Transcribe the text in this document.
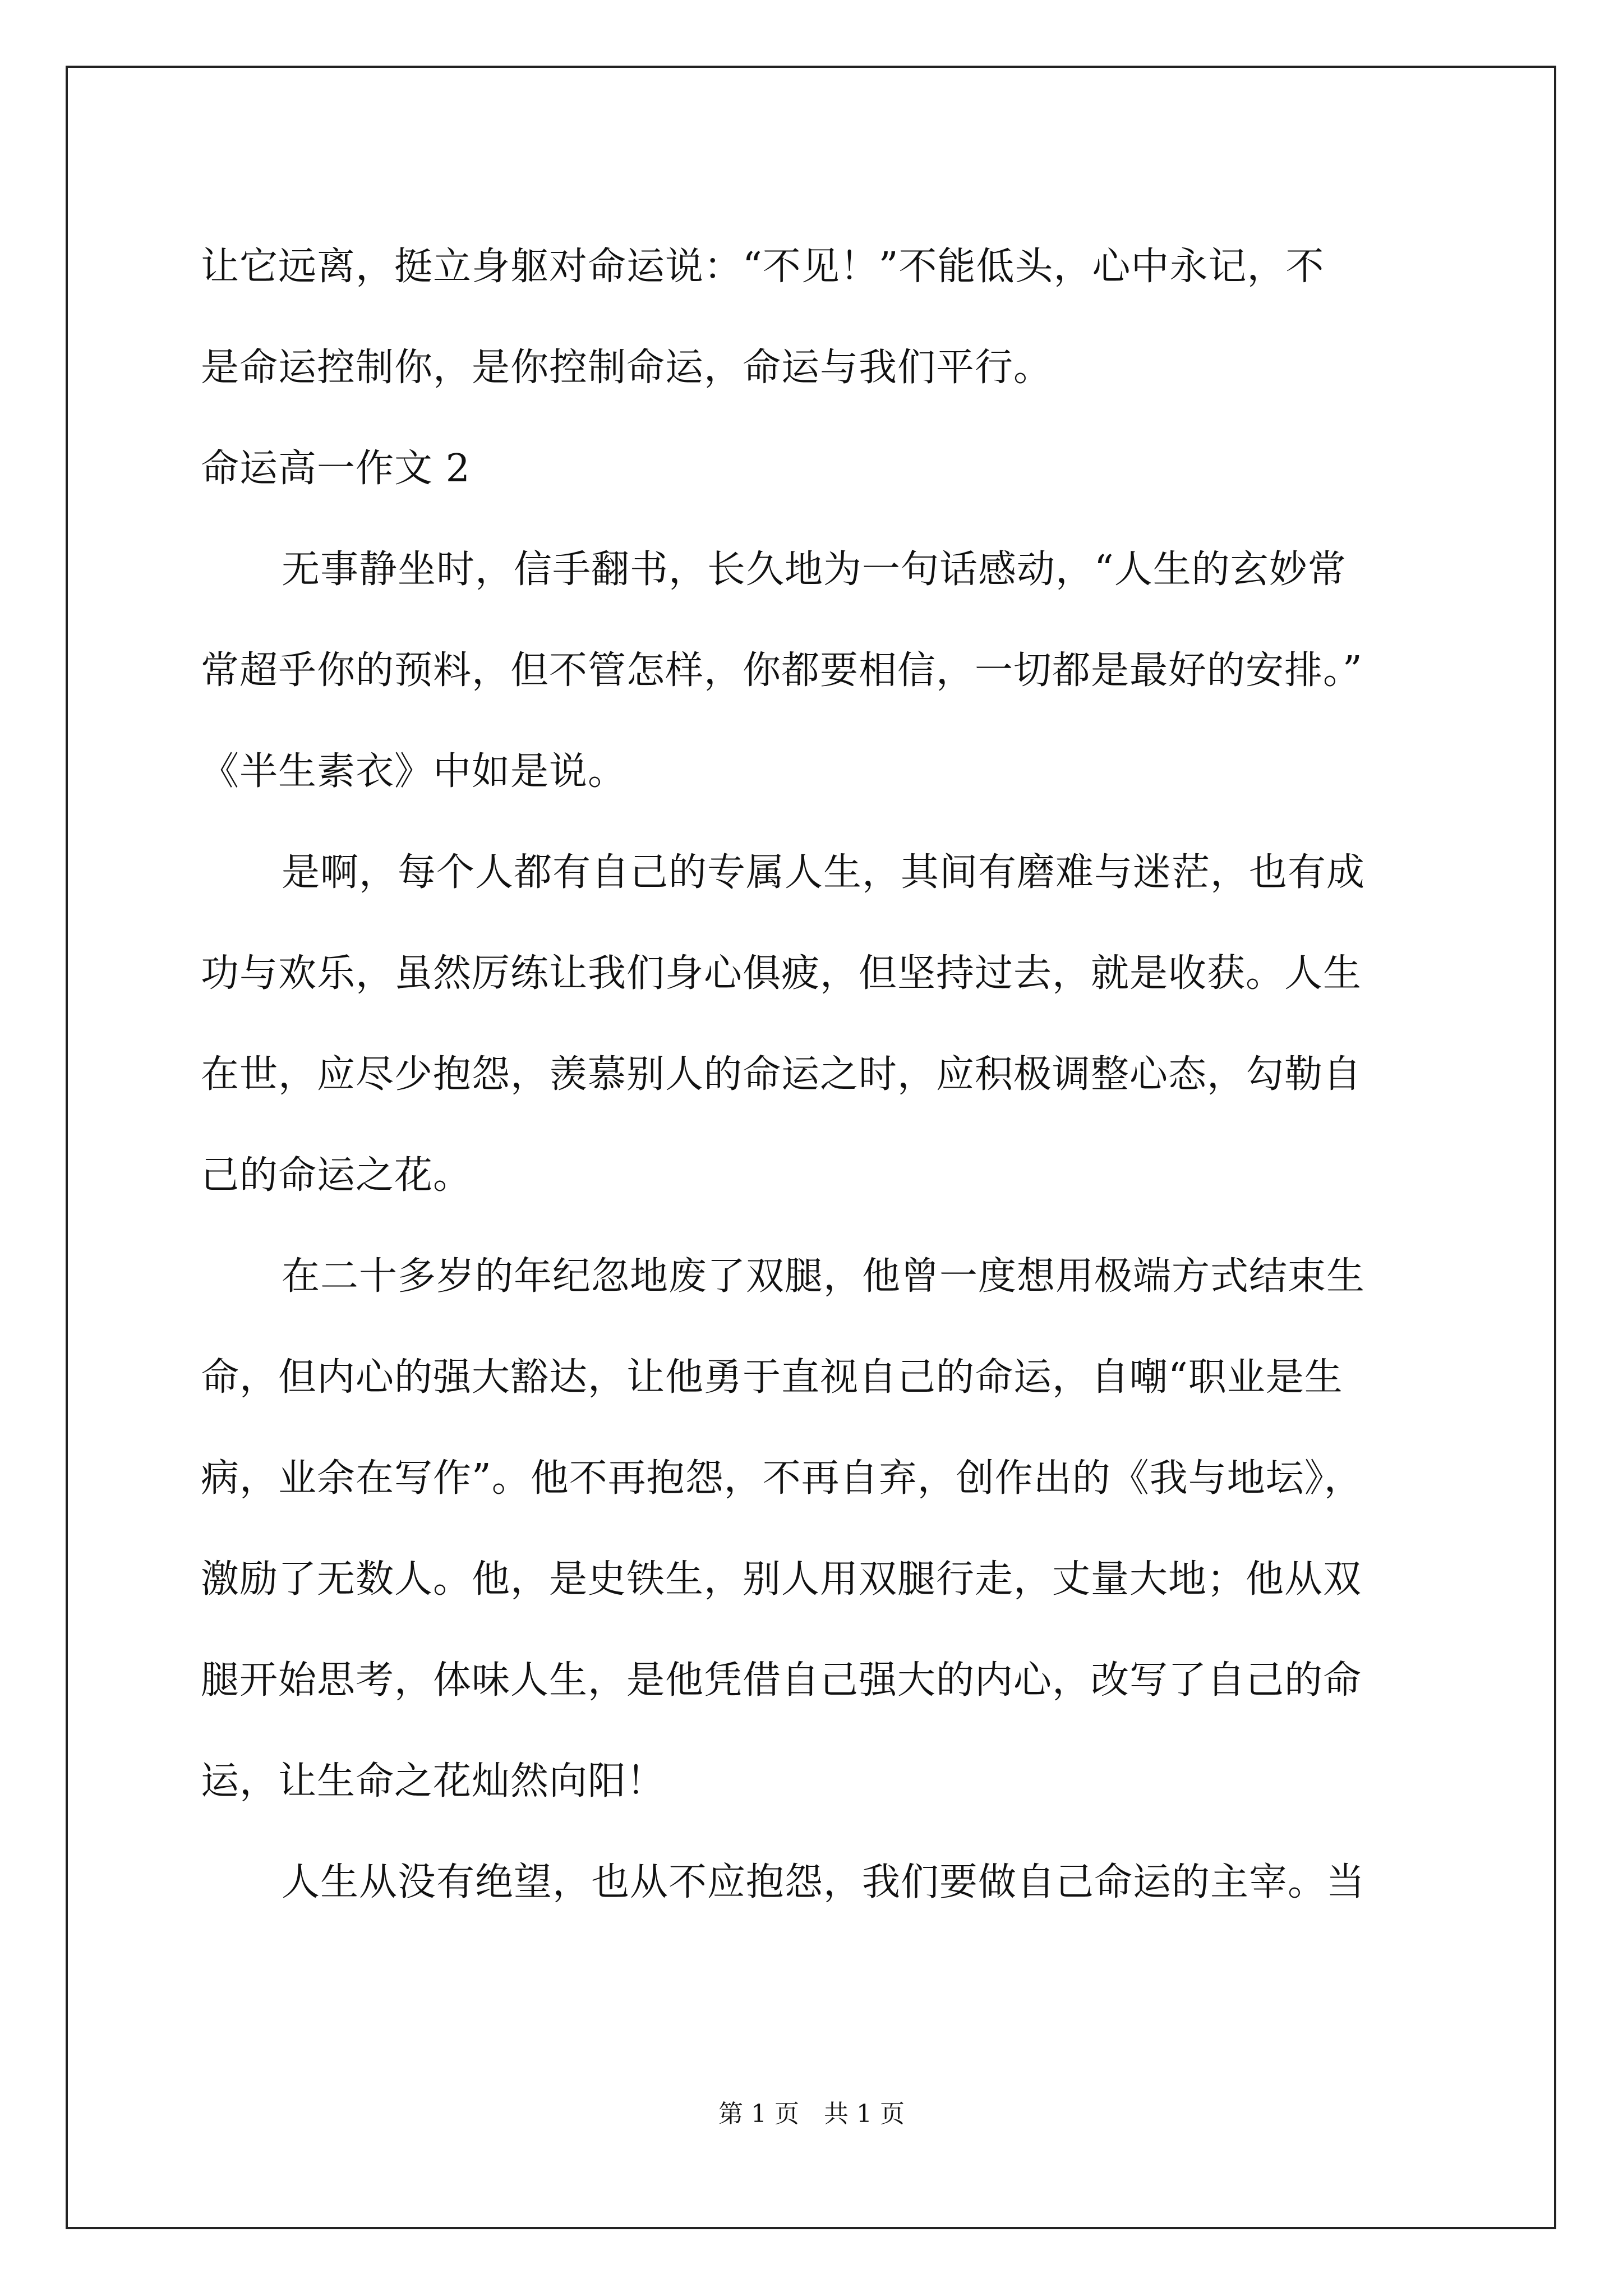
让它远离，挺立身躯对命运说：“不见！”不能低头，心中永记，不
是命运控制你，是你控制命运，命运与我们平行。
命运高一作文 2
无事静坐时，信手翻书，长久地为一句话感动，“人生的玄妙常
常超乎你的预料，但不管怎样，你都要相信，一切都是最好的安排。”
《半生素衣》中如是说。
是啊，每个人都有自己的专属人生，其间有磨难与迷茫，也有成
功与欢乐，虽然厉练让我们身心俱疲，但坚持过去，就是收获。人生
在世，应尽少抱怨，羡慕别人的命运之时，应积极调整心态，勾勒自
己的命运之花。
在二十多岁的年纪忽地废了双腿，他曾一度想用极端方式结束生
命，但内心的强大豁达，让他勇于直视自己的命运，自嘲“职业是生
病，业余在写作”。他不再抱怨，不再自弃，创作出的《我与地坛》，
激励了无数人。他，是史铁生，别人用双腿行走，丈量大地；他从双
腿开始思考，体味人生，是他凭借自己强大的内心，改写了自己的命
运，让生命之花灿然向阳！
人生从没有绝望，也从不应抱怨，我们要做自己命运的主宰。当
第 1 页　共 1 页
